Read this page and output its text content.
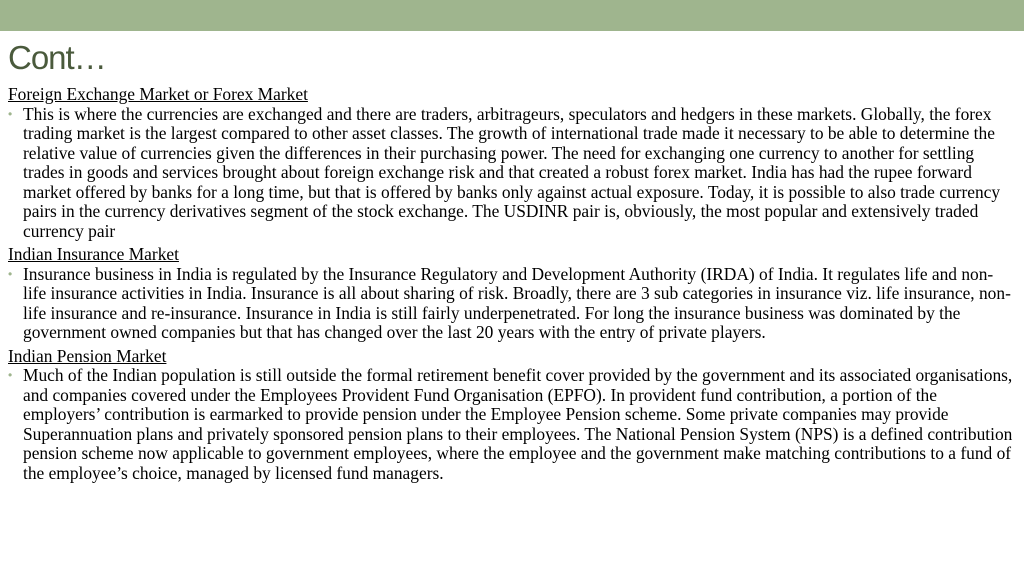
Cont…

Foreign Exchange Market or Forex Market

• This is where the currencies are exchanged and there are traders, arbitrageurs, speculators and hedgers in these markets. Globally, the forex trading market is the largest compared to other asset classes. The growth of international trade made it necessary to be able to determine the relative value of currencies given the differences in their purchasing power. The need for exchanging one currency to another for settling trades in goods and services brought about foreign exchange risk and that created a robust forex market. India has had the rupee forward market offered by banks for a long time, but that is offered by banks only against actual exposure. Today, it is possible to also trade currency pairs in the currency derivatives segment of the stock exchange. The USDINR pair is, obviously, the most popular and extensively traded currency pair

Indian Insurance Market

• Insurance business in India is regulated by the Insurance Regulatory and Development Authority (IRDA) of India. It regulates life and non-life insurance activities in India. Insurance is all about sharing of risk. Broadly, there are 3 sub categories in insurance viz. life insurance, non-life insurance and re-insurance. Insurance in India is still fairly underpenetrated. For long the insurance business was dominated by the government owned companies but that has changed over the last 20 years with the entry of private players.

Indian Pension Market

• Much of the Indian population is still outside the formal retirement benefit cover provided by the government and its associated organisations, and companies covered under the Employees Provident Fund Organisation (EPFO). In provident fund contribution, a portion of the employers’ contribution is earmarked to provide pension under the Employee Pension scheme. Some private companies may provide Superannuation plans and privately sponsored pension plans to their employees. The National Pension System (NPS) is a defined contribution pension scheme now applicable to government employees, where the employee and the government make matching contributions to a fund of the employee’s choice, managed by licensed fund managers.
